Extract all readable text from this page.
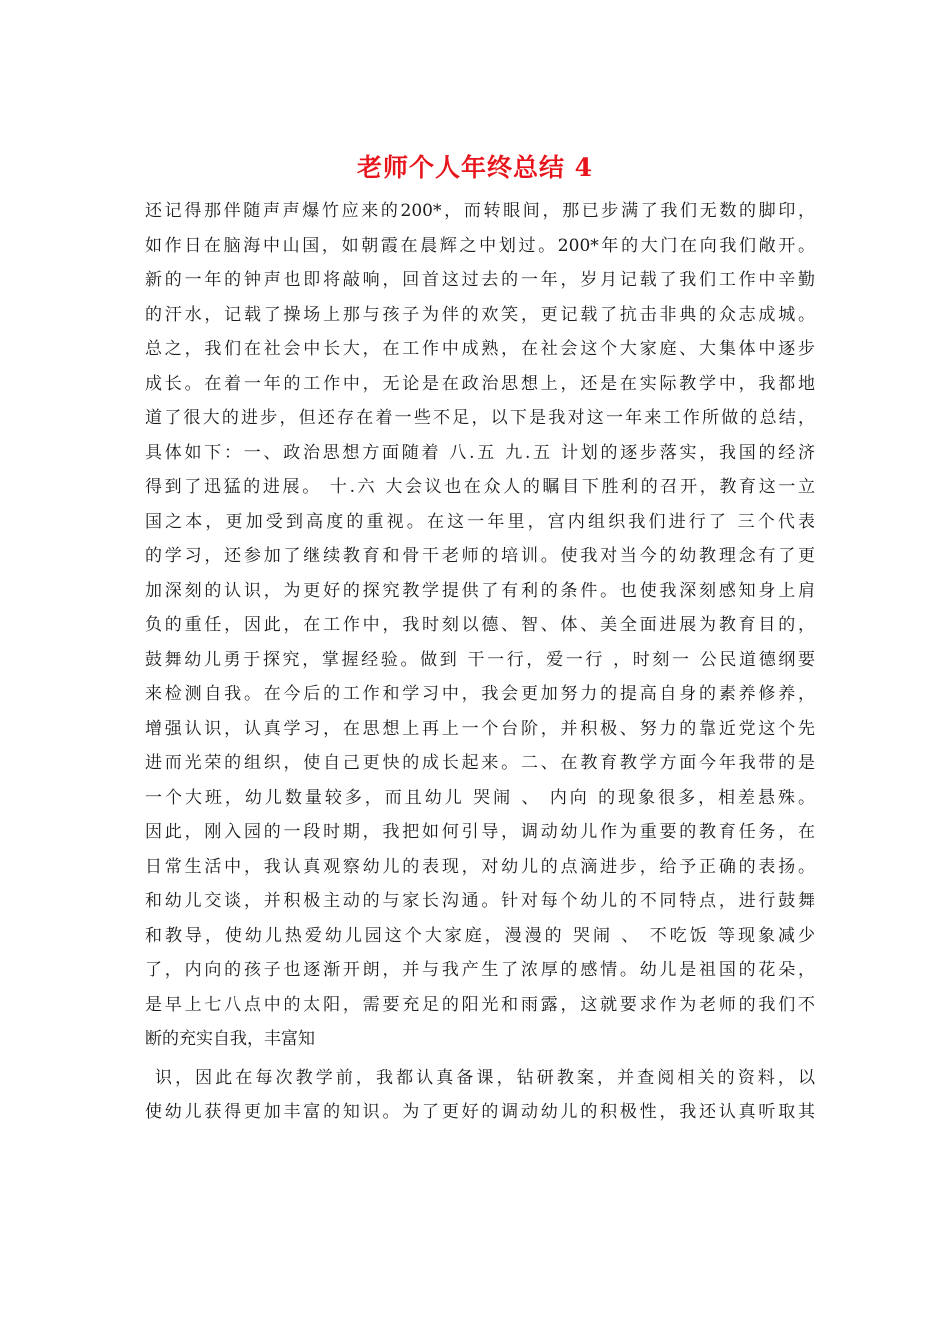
老师个人年终总结 4
还记得那伴随声声爆竹应来的200*，而转眼间，那已步满了我们无数的脚印，
如作日在脑海中山国，如朝霞在晨辉之中划过。200*年的大门在向我们敞开。
新的一年的钟声也即将敲响，回首这过去的一年，岁月记载了我们工作中辛勤
的汗水，记载了操场上那与孩子为伴的欢笑，更记载了抗击非典的众志成城。
总之，我们在社会中长大，在工作中成熟，在社会这个大家庭、大集体中逐步
成长。在着一年的工作中，无论是在政治思想上，还是在实际教学中，我都地
道了很大的进步，但还存在着一些不足，以下是我对这一年来工作所做的总结，
具体如下：一、政治思想方面随着 八.五 九.五 计划的逐步落实，我国的经济
得到了迅猛的进展。 十.六 大会议也在众人的瞩目下胜利的召开，教育这一立
国之本，更加受到高度的重视。在这一年里，宫内组织我们进行了 三个代表
的学习，还参加了继续教育和骨干老师的培训。使我对当今的幼教理念有了更
加深刻的认识，为更好的探究教学提供了有利的条件。也使我深刻感知身上肩
负的重任，因此，在工作中，我时刻以德、智、体、美全面进展为教育目的，
鼓舞幼儿勇于探究，掌握经验。做到 干一行，爱一行 ，时刻一 公民道德纲要
来检测自我。在今后的工作和学习中，我会更加努力的提高自身的素养修养，
增强认识，认真学习，在思想上再上一个台阶，并积极、努力的靠近党这个先
进而光荣的组织，使自己更快的成长起来。二、在教育教学方面今年我带的是
一个大班，幼儿数量较多，而且幼儿 哭闹 、 内向 的现象很多，相差悬殊。
因此，刚入园的一段时期，我把如何引导，调动幼儿作为重要的教育任务，在
日常生活中，我认真观察幼儿的表现，对幼儿的点滴进步，给予正确的表扬。
和幼儿交谈，并积极主动的与家长沟通。针对每个幼儿的不同特点，进行鼓舞
和教导，使幼儿热爱幼儿园这个大家庭，漫漫的 哭闹 、 不吃饭 等现象减少
了，内向的孩子也逐渐开朗，并与我产生了浓厚的感情。幼儿是祖国的花朵，
是早上七八点中的太阳，需要充足的阳光和雨露，这就要求作为老师的我们不
断的充实自我，丰富知
识，因此在每次教学前，我都认真备课，钻研教案，并查阅相关的资料，以
使幼儿获得更加丰富的知识。为了更好的调动幼儿的积极性，我还认真听取其
